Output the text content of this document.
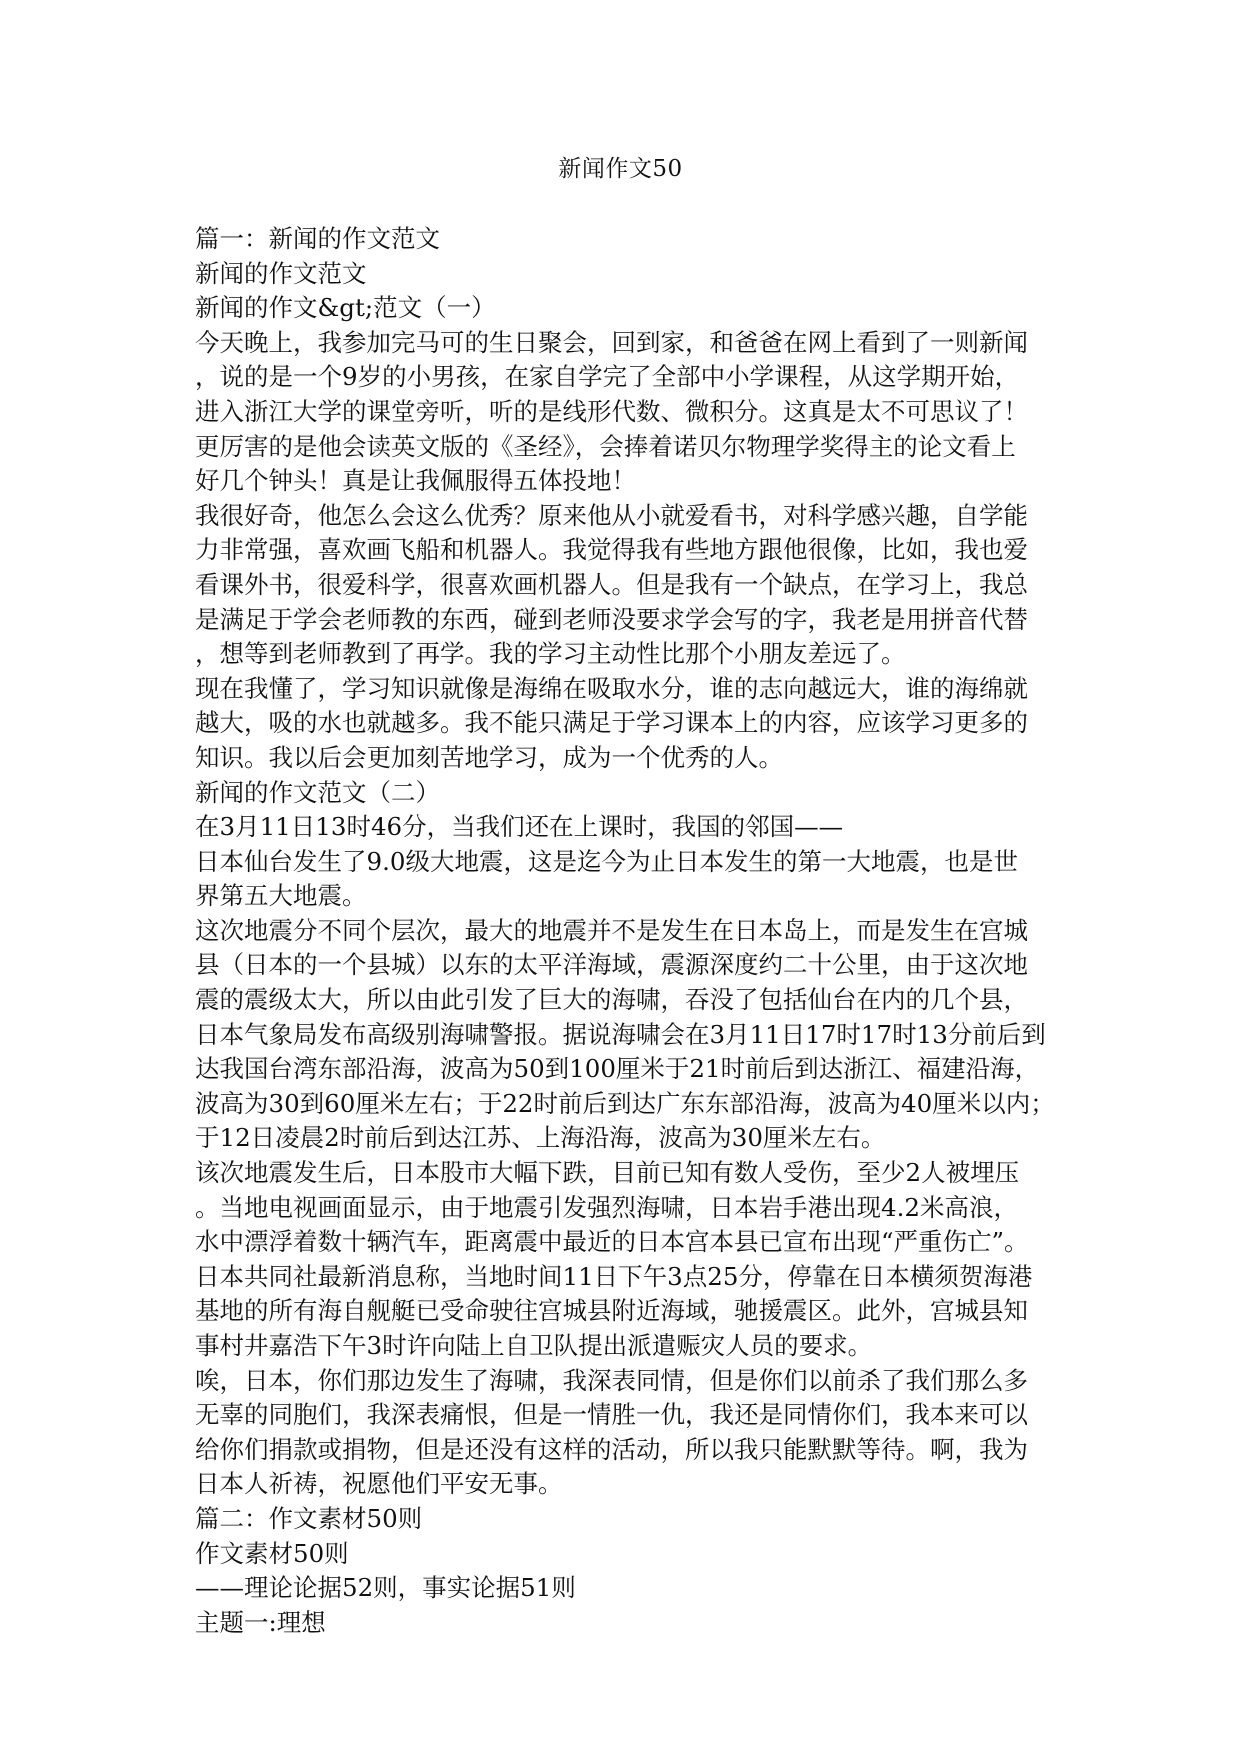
新闻作文50
篇一：新闻的作文范文
新闻的作文范文
新闻的作文&gt;范文（一）
今天晚上，我参加完马可的生日聚会，回到家，和爸爸在网上看到了一则新闻
，说的是一个9岁的小男孩，在家自学完了全部中小学课程，从这学期开始，
进入浙江大学的课堂旁听，听的是线形代数、微积分。这真是太不可思议了！
更厉害的是他会读英文版的《圣经》，会捧着诺贝尔物理学奖得主的论文看上
好几个钟头！真是让我佩服得五体投地！
我很好奇，他怎么会这么优秀？原来他从小就爱看书，对科学感兴趣，自学能
力非常强，喜欢画飞船和机器人。我觉得我有些地方跟他很像，比如，我也爱
看课外书，很爱科学，很喜欢画机器人。但是我有一个缺点，在学习上，我总
是满足于学会老师教的东西，碰到老师没要求学会写的字，我老是用拼音代替
，想等到老师教到了再学。我的学习主动性比那个小朋友差远了。
现在我懂了，学习知识就像是海绵在吸取水分，谁的志向越远大，谁的海绵就
越大，吸的水也就越多。我不能只满足于学习课本上的内容，应该学习更多的
知识。我以后会更加刻苦地学习，成为一个优秀的人。
新闻的作文范文（二）
在3月11日13时46分，当我们还在上课时，我国的邻国——
日本仙台发生了9.0级大地震，这是迄今为止日本发生的第一大地震，也是世
界第五大地震。
这次地震分不同个层次，最大的地震并不是发生在日本岛上，而是发生在宫城
县（日本的一个县城）以东的太平洋海域，震源深度约二十公里，由于这次地
震的震级太大，所以由此引发了巨大的海啸，吞没了包括仙台在内的几个县，
日本气象局发布高级别海啸警报。据说海啸会在3月11日17时17时13分前后到
达我国台湾东部沿海，波高为50到100厘米于21时前后到达浙江、福建沿海，
波高为30到60厘米左右；于22时前后到达广东东部沿海，波高为40厘米以内；
于12日凌晨2时前后到达江苏、上海沿海，波高为30厘米左右。
该次地震发生后，日本股市大幅下跌，目前已知有数人受伤，至少2人被埋压
。当地电视画面显示，由于地震引发强烈海啸，日本岩手港出现4.2米高浪，
水中漂浮着数十辆汽车，距离震中最近的日本宫本县已宣布出现“严重伤亡”。
日本共同社最新消息称，当地时间11日下午3点25分，停靠在日本横须贺海港
基地的所有海自舰艇已受命驶往宫城县附近海域，驰援震区。此外，宫城县知
事村井嘉浩下午3时许向陆上自卫队提出派遣赈灾人员的要求。
唉，日本，你们那边发生了海啸，我深表同情，但是你们以前杀了我们那么多
无辜的同胞们，我深表痛恨，但是一情胜一仇，我还是同情你们，我本来可以
给你们捐款或捐物，但是还没有这样的活动，所以我只能默默等待。啊，我为
日本人祈祷，祝愿他们平安无事。
篇二：作文素材50则
作文素材50则
——理论论据52则，事实论据51则
主题一:理想
